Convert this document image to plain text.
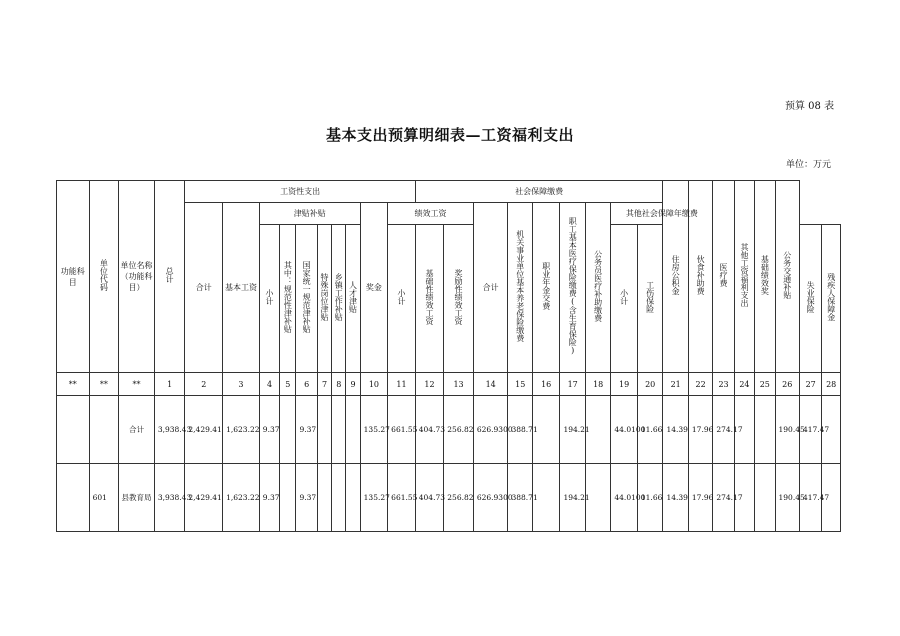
预算 08 表
基本支出预算明细表—工资福利支出
单位：万元
功能科目	单位代码	单位名称（功能科目）	总计	工资性支出										社会保障缴费									住房公积金	伙食补助费	医疗费	其他工资福利支出	基础绩效奖	公务交通补贴		
				合计	基本工资	津贴补贴						奖金	绩效工资			合计	机关事业单位基本养老保险缴费	职业年金交费	职工基本医疗保险缴费(含生育保险)	公务员医疗补助缴费	其他社会保障年缴费									
						小计	其中：规范性津补贴	国家统一规范津补贴	特殊岗位津贴	乡镇工作补贴	人才津贴		小计	基础性绩效工资	奖励性绩效工资						小计	工伤保险							失业保险	残疾人保障金
**	**	**	1	2	3	4	5	6	7	8	9	10	11	12	13	14	15	16	17	18	19	20	21	22	23	24	25	26	27	28
		合计	3,938.43	2,429.41	1,623.22	9.37		9.37				135.27	661.55	404.73	256.82	626.9300	388.71		194.21		44.0100	11.66	14.39	17.96	274.17			190.45	417.47	
	601	县教育局	3,938.43	2,429.41	1,623.22	9.37		9.37				135.27	661.55	404.73	256.82	626.9300	388.71		194.21		44.0100	11.66	14.39	17.96	274.17			190.45	417.47	
